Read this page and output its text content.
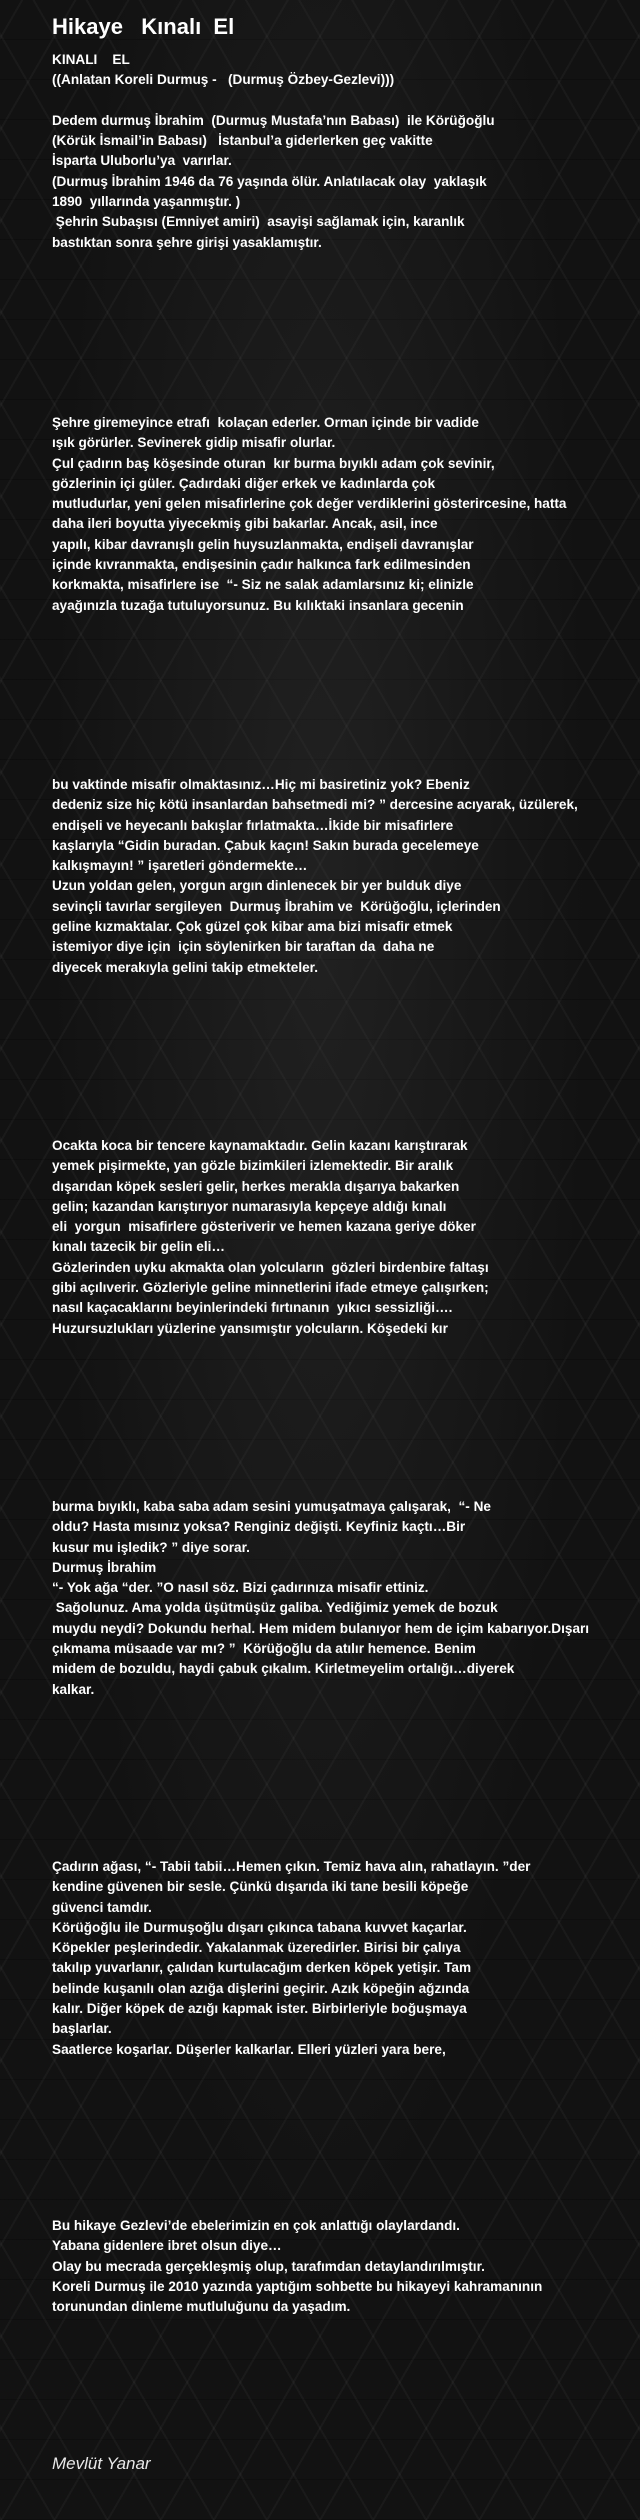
Hikaye   Kınalı  El
KINALI    EL
((Anlatan Koreli Durmuş -   (Durmuş Özbey-Gezlevi)))
Dedem durmuş İbrahim  (Durmuş Mustafa’nın Babası)  ile Körüğoğlu
(Körük İsmail’in Babası)   İstanbul’a giderlerken geç vakitte
İsparta Uluborlu’ya  varırlar.
(Durmuş İbrahim 1946 da 76 yaşında ölür. Anlatılacak olay  yaklaşık
1890  yıllarında yaşanmıştır. )
Şehrin Subaşısı (Emniyet amiri)  asayişi sağlamak için, karanlık
bastıktan sonra şehre girişi yasaklamıştır.
Şehre giremeyince etrafı  kolaçan ederler. Orman içinde bir vadide
ışık görürler. Sevinerek gidip misafir olurlar.
Çul çadırın baş köşesinde oturan  kır burma bıyıklı adam çok sevinir,
gözlerinin içi güler. Çadırdaki diğer erkek ve kadınlarda çok
mutludurlar, yeni gelen misafirlerine çok değer verdiklerini gösterircesine, hatta
daha ileri boyutta yiyecekmiş gibi bakarlar. Ancak, asil, ince
yapılı, kibar davranışlı gelin huysuzlanmakta, endişeli davranışlar
içinde kıvranmakta, endişesinin çadır halkınca fark edilmesinden
korkmakta, misafirlere ise  “- Siz ne salak adamlarsınız ki; elinizle
ayağınızla tuzağa tutuluyorsunuz. Bu kılıktaki insanlara gecenin
bu vaktinde misafir olmaktasınız…Hiç mi basiretiniz yok? Ebeniz
dedeniz size hiç kötü insanlardan bahsetmedi mi? ” dercesine acıyarak, üzülerek,
endişeli ve heyecanlı bakışlar fırlatmakta…İkide bir misafirlere
kaşlarıyla “Gidin buradan. Çabuk kaçın! Sakın burada gecelemeye
kalkışmayın! ” işaretleri göndermekte…
Uzun yoldan gelen, yorgun argın dinlenecek bir yer bulduk diye
sevinçli tavırlar sergileyen  Durmuş İbrahim ve  Körüğoğlu, içlerinden
geline kızmaktalar. Çok güzel çok kibar ama bizi misafir etmek
istemiyor diye için  için söylenirken bir taraftan da  daha ne
diyecek merakıyla gelini takip etmekteler.
Ocakta koca bir tencere kaynamaktadır. Gelin kazanı karıştırarak
yemek pişirmekte, yan gözle bizimkileri izlemektedir. Bir aralık
dışarıdan köpek sesleri gelir, herkes merakla dışarıya bakarken
gelin; kazandan karıştırıyor numarasıyla kepçeye aldığı kınalı
eli  yorgun  misafirlere gösteriverir ve hemen kazana geriye döker
kınalı tazecik bir gelin eli…
Gözlerinden uyku akmakta olan yolcuların  gözleri birdenbire faltaşı
gibi açılıverir. Gözleriyle geline minnetlerini ifade etmeye çalışırken;
nasıl kaçacaklarını beyinlerindeki fırtınanın  yıkıcı sessizliği….
Huzursuzlukları yüzlerine yansımıştır yolcuların. Köşedeki kır
burma bıyıklı, kaba saba adam sesini yumuşatmaya çalışarak,  “- Ne
oldu? Hasta mısınız yoksa? Renginiz değişti. Keyfiniz kaçtı…Bir
kusur mu işledik? ” diye sorar.
Durmuş İbrahim
“- Yok ağa “der. ”O nasıl söz. Bizi çadırınıza misafir ettiniz.
Sağolunuz. Ama yolda üşütmüşüz galiba. Yediğimiz yemek de bozuk
muydu neydi? Dokundu herhal. Hem midem bulanıyor hem de içim kabarıyor.Dışarı
çıkmama müsaade var mı? ”  Körüğoğlu da atılır hemence. Benim
midem de bozuldu, haydi çabuk çıkalım. Kirletmeyelim ortalığı…diyerek
kalkar.
Çadırın ağası, “- Tabii tabii…Hemen çıkın. Temiz hava alın, rahatlayın. ”der
kendine güvenen bir sesle. Çünkü dışarıda iki tane besili köpeğe
güvenci tamdır.
Körüğoğlu ile Durmuşoğlu dışarı çıkınca tabana kuvvet kaçarlar.
Köpekler peşlerindedir. Yakalanmak üzeredirler. Birisi bir çalıya
takılıp yuvarlanır, çalıdan kurtulacağım derken köpek yetişir. Tam
belinde kuşanılı olan azığa dişlerini geçirir. Azık köpeğin ağzında
kalır. Diğer köpek de azığı kapmak ister. Birbirleriyle boğuşmaya
başlarlar.
Saatlerce koşarlar. Düşerler kalkarlar. Elleri yüzleri yara bere,
Bu hikaye Gezlevi’de ebelerimizin en çok anlattığı olaylardandı.
Yabana gidenlere ibret olsun diye…
Olay bu mecrada gerçekleşmiş olup, tarafımdan detaylandırılmıştır.
Koreli Durmuş ile 2010 yazında yaptığım sohbette bu hikayeyi kahramanının
torunundan dinleme mutluluğunu da yaşadım.
Mevlüt Yanar
